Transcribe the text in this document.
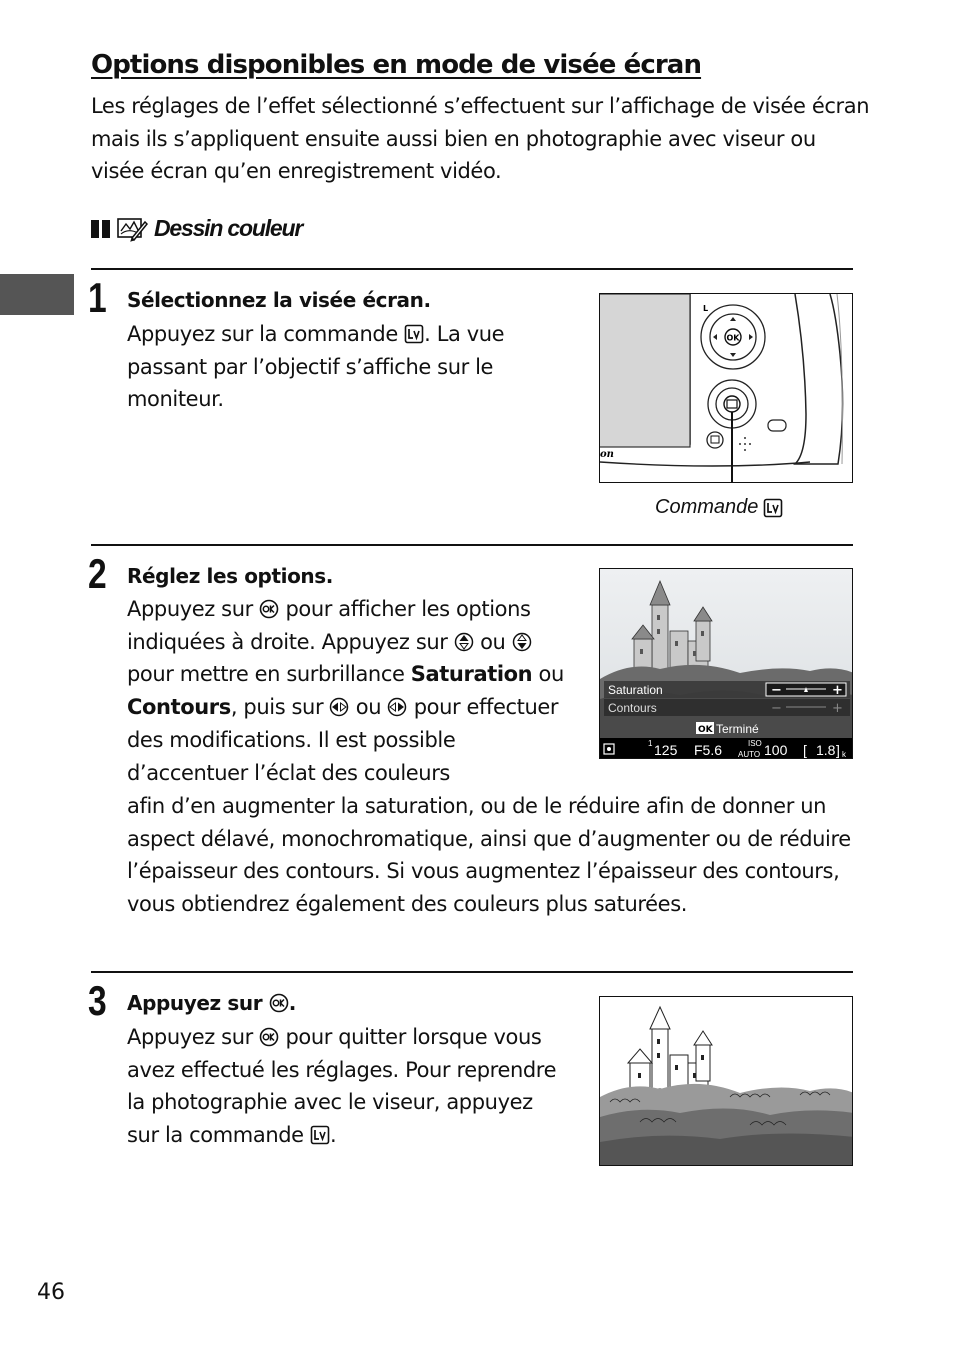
Options disponibles en mode de visée écran

Les réglages de l’effet sélectionné s’effectuent sur l’affichage de visée écran mais ils s’appliquent ensuite aussi bien en photographie avec viseur ou visée écran qu’en enregistrement vidéo.

Dessin couleur
1 Sélectionnez la visée écran.

Appuyez sur la commande . La vue passant par l’objectif s’affiche sur le moniteur.

OK
L
on
Commande
2 Réglez les options.

Appuyez sur pour afficher les options indiquées à droite. Appuyez sur ou  pour mettre en surbrillance Saturation ou Contours, puis sur ou pour effectuer des modifications. Il est possible d’accentuer l’éclat des couleurs

afin d’en augmenter la saturation, ou de le réduire afin de donner un aspect délavé, monochromatique, ainsi que d’augmenter ou de réduire l’épaisseur des contours. Si vous augmentez l’épaisseur des contours, vous obtiendrez également des couleurs plus saturées.

Saturation
Contours
−	+
−	+
OK Terminé
1 125 F5.6	ISO
AUTO 100 [ 1.8 ] k
3 Appuyez sur .

Appuyez sur pour quitter lorsque vous avez effectué les réglages. Pour reprendre la photographie avec le viseur, appuyez sur la commande .

46
